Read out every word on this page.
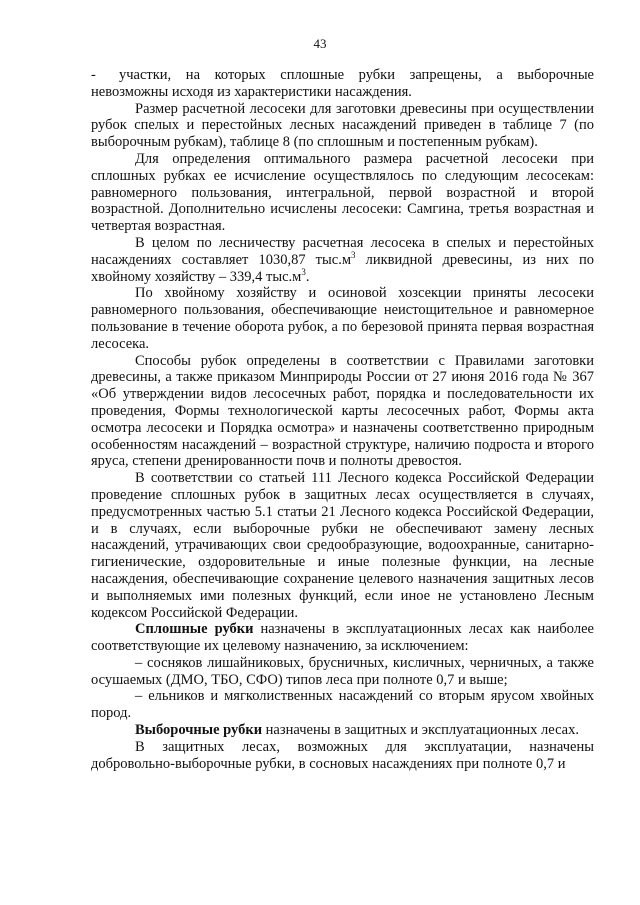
43

- участки, на которых сплошные рубки запрещены, а выборочные невозможны исходя из характеристики насаждения.

Размер расчетной лесосеки для заготовки древесины при осуществлении рубок спелых и перестойных лесных насаждений приведен в таблице 7 (по выборочным рубкам), таблице 8 (по сплошным и постепенным рубкам).

Для определения оптимального размера расчетной лесосеки при сплошных рубках ее исчисление осуществлялось по следующим лесосекам: равномерного пользования, интегральной, первой возрастной и второй возрастной. Дополнительно исчислены лесосеки: Самгина, третья возрастная и четвертая возрастная.

В целом по лесничеству расчетная лесосека в спелых и перестойных насаждениях составляет 1030,87 $тыс.м^3$ ликвидной древесины, из них по хвойному хозяйству – 339,4 $тыс.м^3$.

По хвойному хозяйству и осиновой хозсекции приняты лесосеки равномерного пользования, обеспечивающие неистощительное и равномерное пользование в течение оборота рубок, а по березовой принята первая возрастная лесосека.

Способы рубок определены в соответствии с Правилами заготовки древесины, а также приказом Минприроды России от 27 июня 2016 года № 367 «Об утверждении видов лесосечных работ, порядка и последовательности их проведения, Формы технологической карты лесосечных работ, Формы акта осмотра лесосеки и Порядка осмотра» и назначены соответственно природным особенностям насаждений – возрастной структуре, наличию подроста и второго яруса, степени дренированности почв и полноты древостоя.

В соответствии со статьей 111 Лесного кодекса Российской Федерации проведение сплошных рубок в защитных лесах осуществляется в случаях, предусмотренных частью 5.1 статьи 21 Лесного кодекса Российской Федерации, и в случаях, если выборочные рубки не обеспечивают замену лесных насаждений, утрачивающих свои средообразующие, водоохранные, санитарно-гигиенические, оздоровительные и иные полезные функции, на лесные насаждения, обеспечивающие сохранение целевого назначения защитных лесов и выполняемых ими полезных функций, если иное не установлено Лесным кодексом Российской Федерации.

Сплошные рубки назначены в эксплуатационных лесах как наиболее соответствующие их целевому назначению, за исключением:

– сосняков лишайниковых, брусничных, кисличных, черничных, а также осушаемых (ДМО, ТБО, СФО) типов леса при полноте 0,7 и выше;

– ельников и мягколиственных насаждений со вторым ярусом хвойных пород.

Выборочные рубки назначены в защитных и эксплуатационных лесах.

В защитных лесах, возможных для эксплуатации, назначены добровольно-выборочные рубки, в сосновых насаждениях при полноте 0,7 и
